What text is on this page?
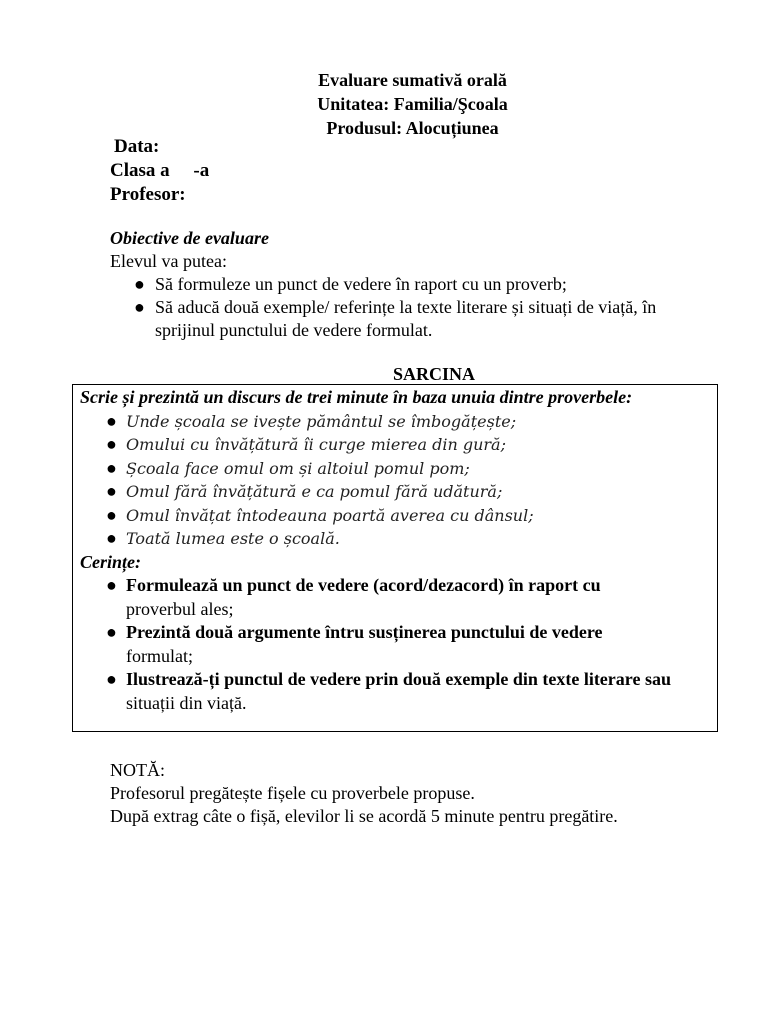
Evaluare sumativă orală
Unitatea: Familia/Şcoala
Produsul: Alocuțiunea
Data:
Clasa a     -a
Profesor:
Obiective de evaluare
Elevul va putea:
● Să formuleze un punct de vedere în raport cu un proverb;
● Să aducă două exemple/ referințe la texte literare și situați de viață, în sprijinul punctului de vedere formulat.
SARCINA
Scrie și prezintă un discurs de trei minute în baza unuia dintre proverbele:
● Unde școala se ivește pământul se îmbogățește;
● Omului cu învățătură îi curge mierea din gură;
● Școala face omul om și altoiul pomul pom;
● Omul fără învățătură e ca pomul fără udătură;
● Omul învățat întodeauna poartă averea cu dânsul;
● Toată lumea este o școală.
Cerințe:
● Formulează un punct de vedere (acord/dezacord) în raport cu
proverbul ales;
● Prezintă două argumente întru susținerea punctului de vedere
formulat;
● Ilustrează-ți punctul de vedere prin două exemple din texte literare sau
situații din viață.
NOTĂ:
Profesorul pregătește fișele cu proverbele propuse.
După extrag câte o fișă, elevilor li se acordă 5 minute pentru pregătire.
